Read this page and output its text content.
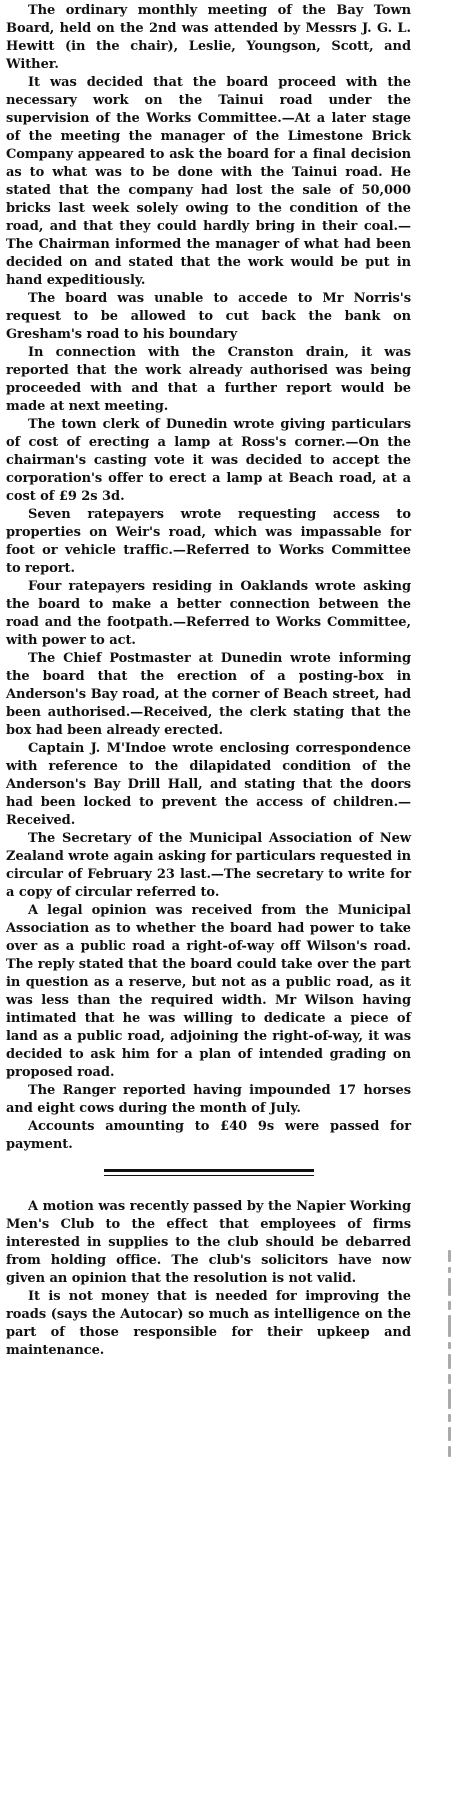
The ordinary monthly meeting of the Bay Town Board, held on the 2nd was attended by Messrs J. G. L. Hewitt (in the chair), Leslie, Youngson, Scott, and Wither.

It was decided that the board proceed with the necessary work on the Tainui road under the supervision of the Works Committee.—At a later stage of the meeting the manager of the Limestone Brick Company appeared to ask the board for a final decision as to what was to be done with the Tainui road. He stated that the company had lost the sale of 50,000 bricks last week solely owing to the condition of the road, and that they could hardly bring in their coal.—The Chairman informed the manager of what had been decided on and stated that the work would be put in hand expeditiously.

The board was unable to accede to Mr Norris's request to be allowed to cut back the bank on Gresham's road to his boundary

In connection with the Cranston drain, it was reported that the work already authorised was being proceeded with and that a further report would be made at next meeting.

The town clerk of Dunedin wrote giving particulars of cost of erecting a lamp at Ross's corner.—On the chairman's casting vote it was decided to accept the corporation's offer to erect a lamp at Beach road, at a cost of £9 2s 3d.

Seven ratepayers wrote requesting access to properties on Weir's road, which was impassable for foot or vehicle traffic.—Referred to Works Committee to report.

Four ratepayers residing in Oaklands wrote asking the board to make a better connection between the road and the footpath.—Referred to Works Committee, with power to act.

The Chief Postmaster at Dunedin wrote informing the board that the erection of a posting-box in Anderson's Bay road, at the corner of Beach street, had been authorised.—Received, the clerk stating that the box had been already erected.

Captain J. M'Indoe wrote enclosing correspondence with reference to the dilapidated condition of the Anderson's Bay Drill Hall, and stating that the doors had been locked to prevent the access of children.—Received.

The Secretary of the Municipal Association of New Zealand wrote again asking for particulars requested in circular of February 23 last.—The secretary to write for a copy of circular referred to.

A legal opinion was received from the Municipal Association as to whether the board had power to take over as a public road a right-of-way off Wilson's road. The reply stated that the board could take over the part in question as a reserve, but not as a public road, as it was less than the required width. Mr Wilson having intimated that he was willing to dedicate a piece of land as a public road, adjoining the right-of-way, it was decided to ask him for a plan of intended grading on proposed road.

The Ranger reported having impounded 17 horses and eight cows during the month of July.

Accounts amounting to £40 9s were passed for payment.

A motion was recently passed by the Napier Working Men's Club to the effect that employees of firms interested in supplies to the club should be debarred from holding office. The club's solicitors have now given an opinion that the resolution is not valid.

It is not money that is needed for improving the roads (says the Autocar) so much as intelligence on the part of those responsible for their upkeep and maintenance.
